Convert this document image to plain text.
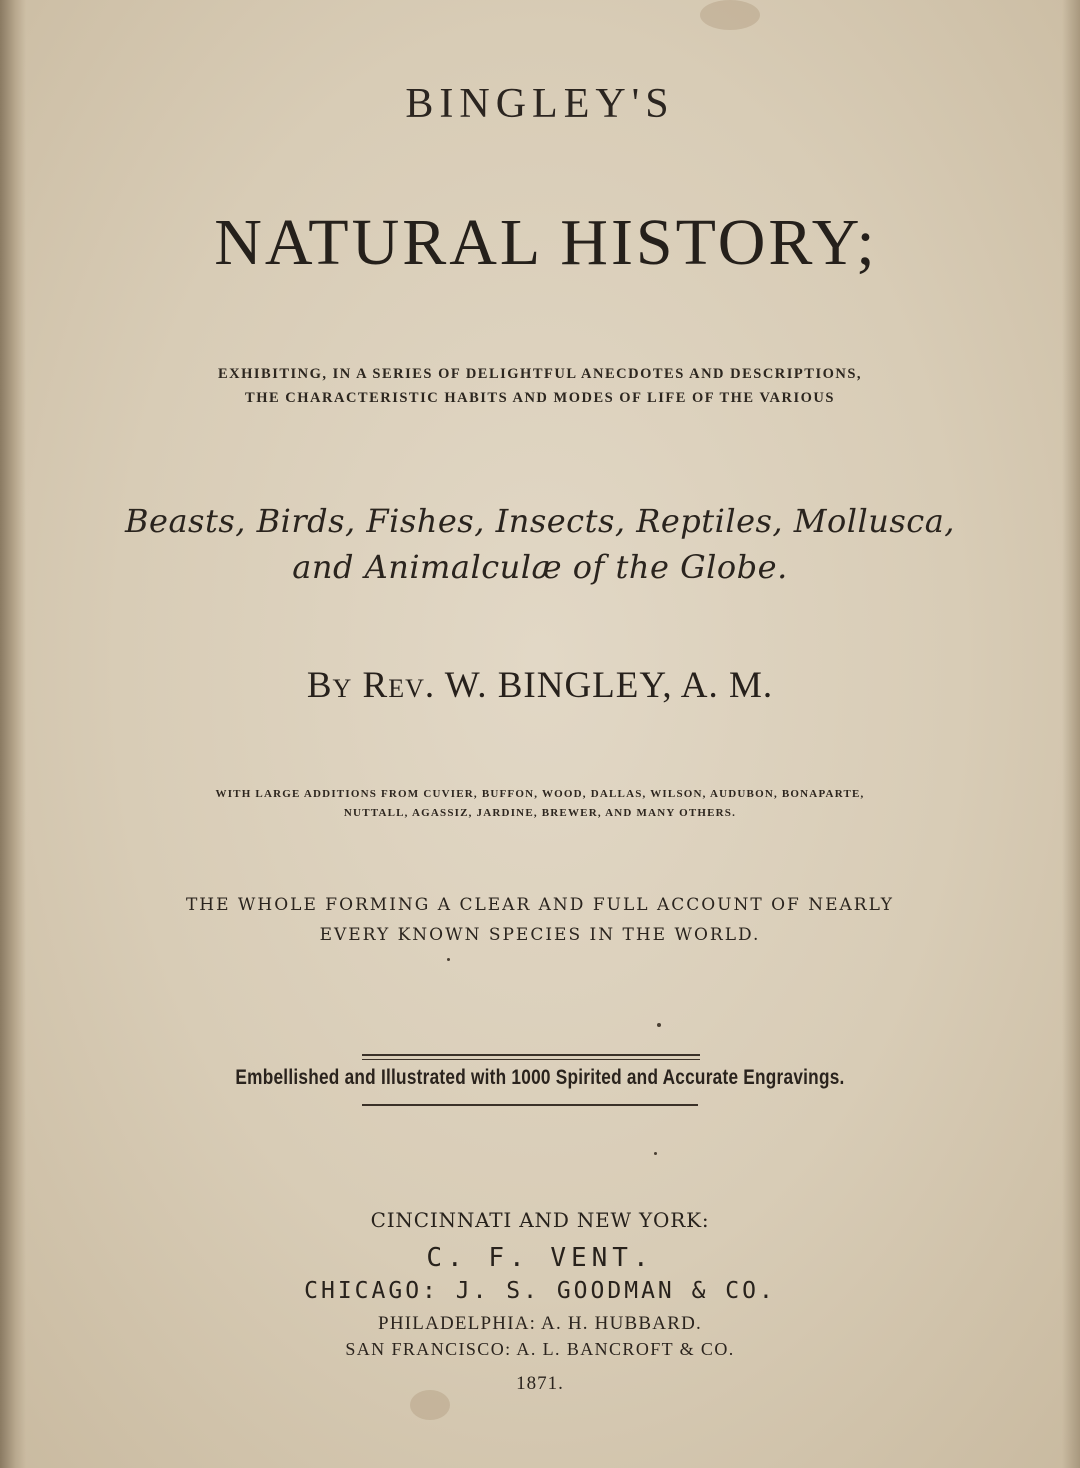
BINGLEY'S
NATURAL HISTORY;
EXHIBITING, IN A SERIES OF DELIGHTFUL ANECDOTES AND DESCRIPTIONS,
THE CHARACTERISTIC HABITS AND MODES OF LIFE OF THE VARIOUS
Beasts, Birds, Fishes, Insects, Reptiles, Mollusca,
and Animalculæ of the Globe.
By Rev. W. BINGLEY, A. M.
WITH LARGE ADDITIONS FROM CUVIER, BUFFON, WOOD, DALLAS, WILSON, AUDUBON, BONAPARTE,
NUTTALL, AGASSIZ, JARDINE, BREWER, AND MANY OTHERS.
THE WHOLE FORMING A CLEAR AND FULL ACCOUNT OF NEARLY
EVERY KNOWN SPECIES IN THE WORLD.
Embellished and Illustrated with 1000 Spirited and Accurate Engravings.
CINCINNATI AND NEW YORK:
C. F. VENT.
CHICAGO: J. S. GOODMAN & CO.
PHILADELPHIA: A. H. HUBBARD.
SAN FRANCISCO: A. L. BANCROFT & CO.
1871.
